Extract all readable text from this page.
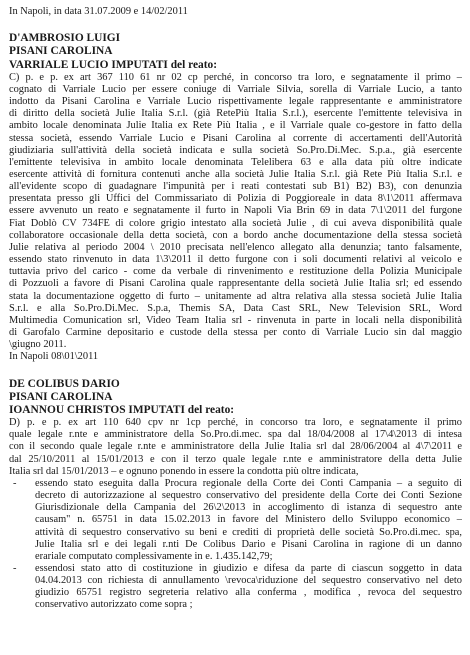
In Napoli, in data 31.07.2009 e 14/02/2011
D'AMBROSIO LUIGI
PISANI CAROLINA
VARRIALE LUCIO IMPUTATI del reato:
C) p. e p. ex art 367 110 61 nr 02 cp perché, in concorso tra loro, e segnatamente il primo –
cognato di Varriale Lucio per essere coniuge di Varriale Silvia, sorella di Varriale Lucio, a tanto
indotto da Pisani Carolina e Varriale Lucio rispettivamente legale rappresentante e amministratore
di diritto della società Julie Italia S.r.l. (già RetePiù Italia S.r.l.), esercente l'emittente televisiva in
ambito locale denominata Julie Italia ex Rete Più Italia , e il Varriale quale co-gestore in fatto della
stessa società, essendo Varriale Lucio e Pisani Carolina al corrente di accertamenti dell'Autorità
giudiziaria sull'attività della società indicata e sulla società So.Pro.Di.Mec. S.p.a., già esercente
l'emittente televisiva in ambito locale denominata Telelibera 63 e alla data più oltre indicate
esercente attività di fornitura contenuti anche alla società Julie Italia S.r.l. già Rete Più Italia S.r.l. e
all'evidente scopo di guadagnare l'impunità per i reati contestati sub B1) B2) B3), con denunzia
presentata presso gli Uffici del Commissariato di Polizia di Poggioreale in data 8\1\2011 affermava
essere avvenuto un reato e segnatamente il furto in Napoli Via Brin 69 in data 7\1\2011 del furgone
Fiat Doblò CV 734FE di colore grigio intestato alla società Julie , di cui aveva disponibilità quale
collaboratore occasionale della detta società, con a bordo anche documentazione della stessa società
Julie relativa al periodo 2004 \ 2010 precisata nell'elenco allegato alla denunzia; tanto falsamente,
essendo stato rinvenuto in data 1\3\2011 il detto furgone con i soli documenti relativi al veicolo e
tuttavia privo del carico - come da verbale di rinvenimento e restituzione della Polizia Municipale
di Pozzuoli a favore di Pisani Carolina quale rappresentante della società Julie Italia srl; ed essendo
stata la documentazione oggetto di furto – unitamente ad altra relativa alla stessa società Julie Italia
S.r.l. e alla So.Pro.Di.Mec. S.p.a, Themis SA, Data Cast SRL, New Television SRL, Word
Multimedia Comunication srl, Video Team Italia srl - rinvenuta in parte in locali nella disponibilità
di Garofalo Carmine depositario e custode della stessa per conto di Varriale Lucio sin dal maggio
\giugno 2011.
In Napoli 08\01\2011
DE COLIBUS DARIO
PISANI CAROLINA
IOANNOU CHRISTOS IMPUTATI del reato:
D) p. e p. ex art 110 640 cpv nr 1cp perché, in concorso tra loro, e segnatamente il primo
quale legale r.nte e amministratore della So.Pro.di.mec. spa dal 18/04/2008 al 17\4\2013 di intesa
con il secondo quale legale r.nte e amministratore della Julie Italia srl dal 28/06/2004 al 4\7\2011 e
dal 25/10/2011 al 15/01/2013 e con il terzo quale legale r.nte e amministratore della detta Julie
Italia srl dal 15/01/2013 – e ognuno ponendo in essere la condotta più oltre indicata,
- essendo stato eseguita dalla Procura regionale della Corte dei Conti Campania – a seguito di
decreto di autorizzazione al sequestro conservativo del presidente della Corte dei Conti Sezione
Giurisdizionale della Campania del 26\2\2013 in accoglimento di istanza di sequestro ante
causam" n. 65751 in data 15.02.2013 in favore del Ministero dello Sviluppo economico –
attività di sequestro conservativo su beni e crediti di proprietà delle società So.Pro.di.mec. spa,
Julie Italia srl e dei legali r.nti De Colibus Dario e Pisani Carolina in ragione di un danno
erariale computato complessivamente in e. 1.435.142,79;
- essendosi stato atto di costituzione in giudizio e difesa da parte di ciascun soggetto in data
04.04.2013 con richiesta di annullamento \revoca\riduzione del sequestro conservativo nel deto
giudizio 65751 registro segreteria relativo alla conferma , modifica , revoca del sequestro
conservativo autorizzato come sopra ;
